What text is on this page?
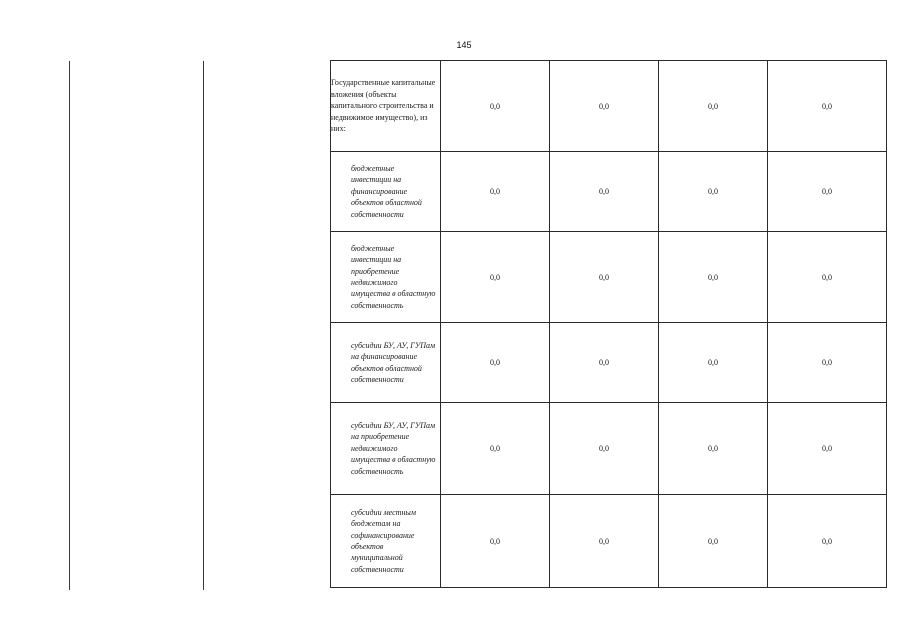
145
Государственные капитальные вложения (объекты капитального строительства и недвижимое имущество), из них:	0,0	0,0	0,0	0,0
бюджетные инвестиции на финансирование объектов областной собственности	0,0	0,0	0,0	0,0
бюджетные инвестиции на приобретение недвижимого имущества в областную собственность	0,0	0,0	0,0	0,0
субсидии БУ, АУ, ГУПам на финансирование объектов областной собственности	0,0	0,0	0,0	0,0
субсидии БУ, АУ, ГУПам на приобретение недвижимого имущества в областную собственность	0,0	0,0	0,0	0,0
субсидии местным бюджетам на софинансирование объектов муниципальной собственности	0,0	0,0	0,0	0,0
